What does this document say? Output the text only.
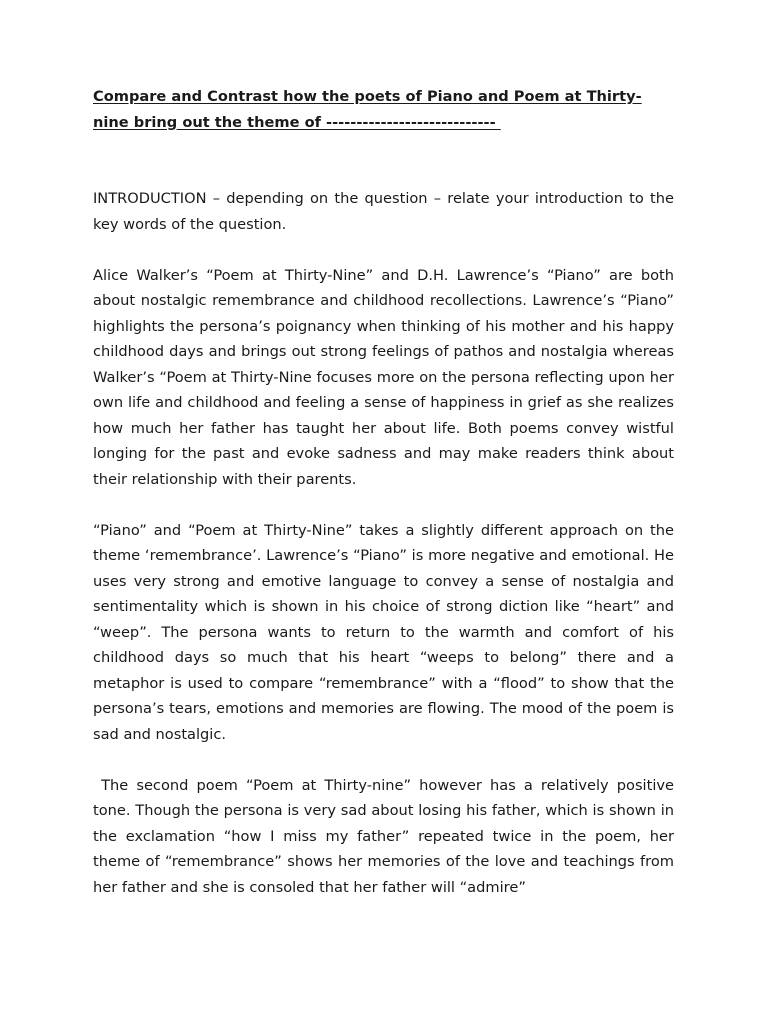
Compare and Contrast how the poets of Piano and Poem at Thirty-nine bring out the theme of ----------------------------

INTRODUCTION – depending on the question – relate your introduction to the key words of the question.

Alice Walker’s “Poem at Thirty-Nine” and D.H. Lawrence’s “Piano” are both about nostalgic remembrance and childhood recollections. Lawrence’s “Piano” highlights the persona’s poignancy when thinking of his mother and his happy childhood days and brings out strong feelings of pathos and nostalgia whereas Walker’s “Poem at Thirty-Nine focuses more on the persona reflecting upon her own life and childhood and feeling a sense of happiness in grief as she realizes how much her father has taught her about life. Both poems convey wistful longing for the past and evoke sadness and may make readers think about their relationship with their parents.

“Piano” and “Poem at Thirty-Nine” takes a slightly different approach on the theme ‘remembrance’. Lawrence’s “Piano” is more negative and emotional. He uses very strong and emotive language to convey a sense of nostalgia and sentimentality which is shown in his choice of strong diction like “heart” and “weep”. The persona wants to return to the warmth and comfort of his childhood days so much that his heart “weeps to belong” there and a metaphor is used to compare “remembrance” with a “flood” to show that the persona’s tears, emotions and memories are flowing. The mood of the poem is sad and nostalgic.

The second poem “Poem at Thirty-nine” however has a relatively positive tone. Though the persona is very sad about losing his father, which is shown in the exclamation “how I miss my father” repeated twice in the poem, her theme of “remembrance” shows her memories of the love and teachings from her father and she is consoled that her father will “admire”
